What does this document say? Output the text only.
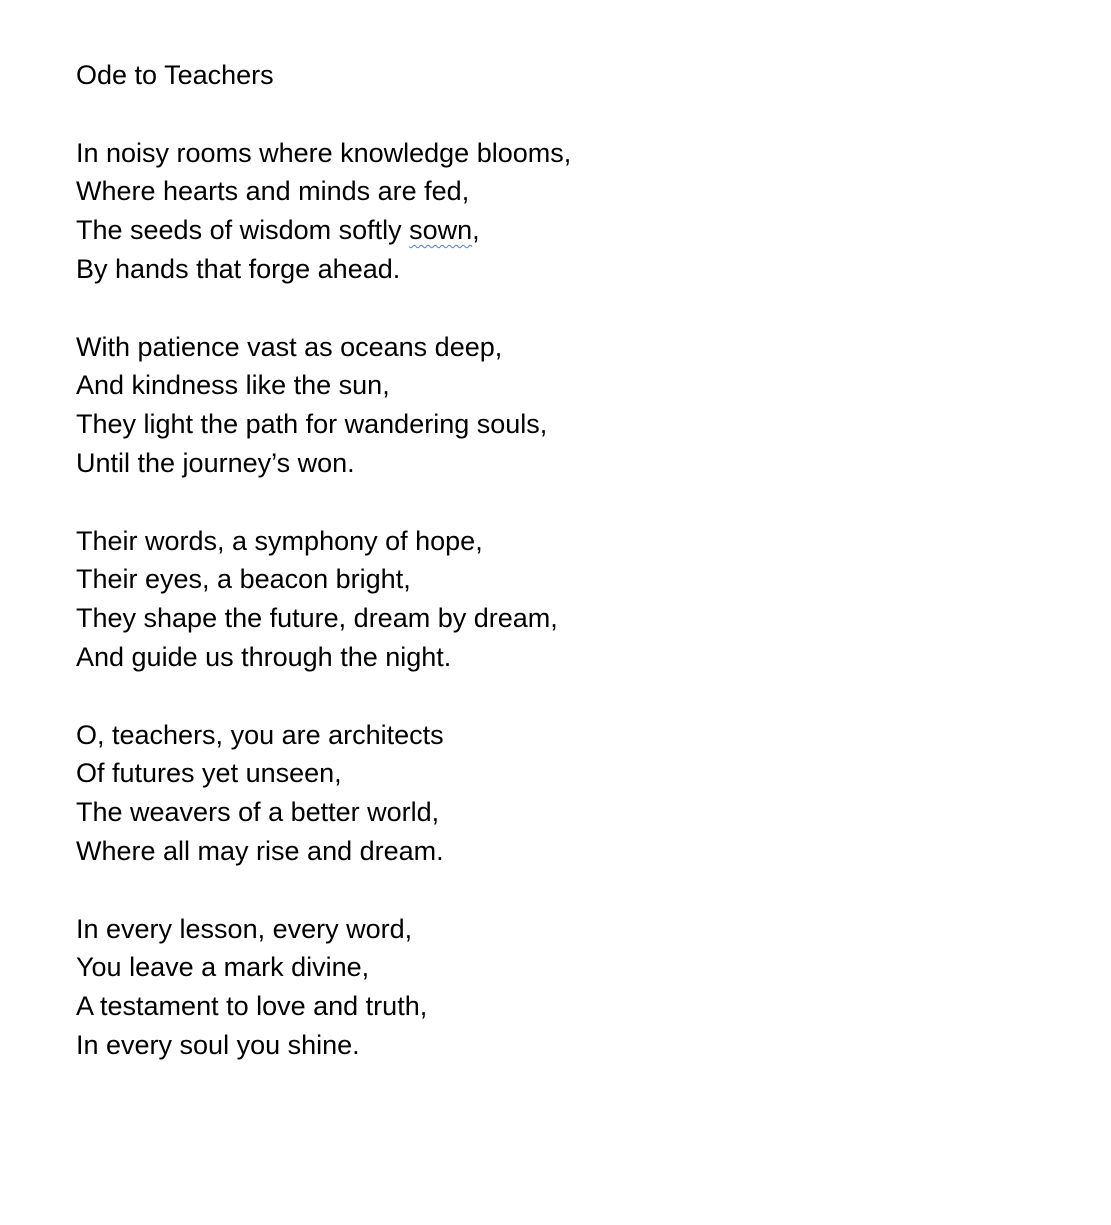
Ode to Teachers
In noisy rooms where knowledge blooms,
Where hearts and minds are fed,
The seeds of wisdom softly sown,
By hands that forge ahead.
With patience vast as oceans deep,
And kindness like the sun,
They light the path for wandering souls,
Until the journey’s won.
Their words, a symphony of hope,
Their eyes, a beacon bright,
They shape the future, dream by dream,
And guide us through the night.
O, teachers, you are architects
Of futures yet unseen,
The weavers of a better world,
Where all may rise and dream.
In every lesson, every word,
You leave a mark divine,
A testament to love and truth,
In every soul you shine.
